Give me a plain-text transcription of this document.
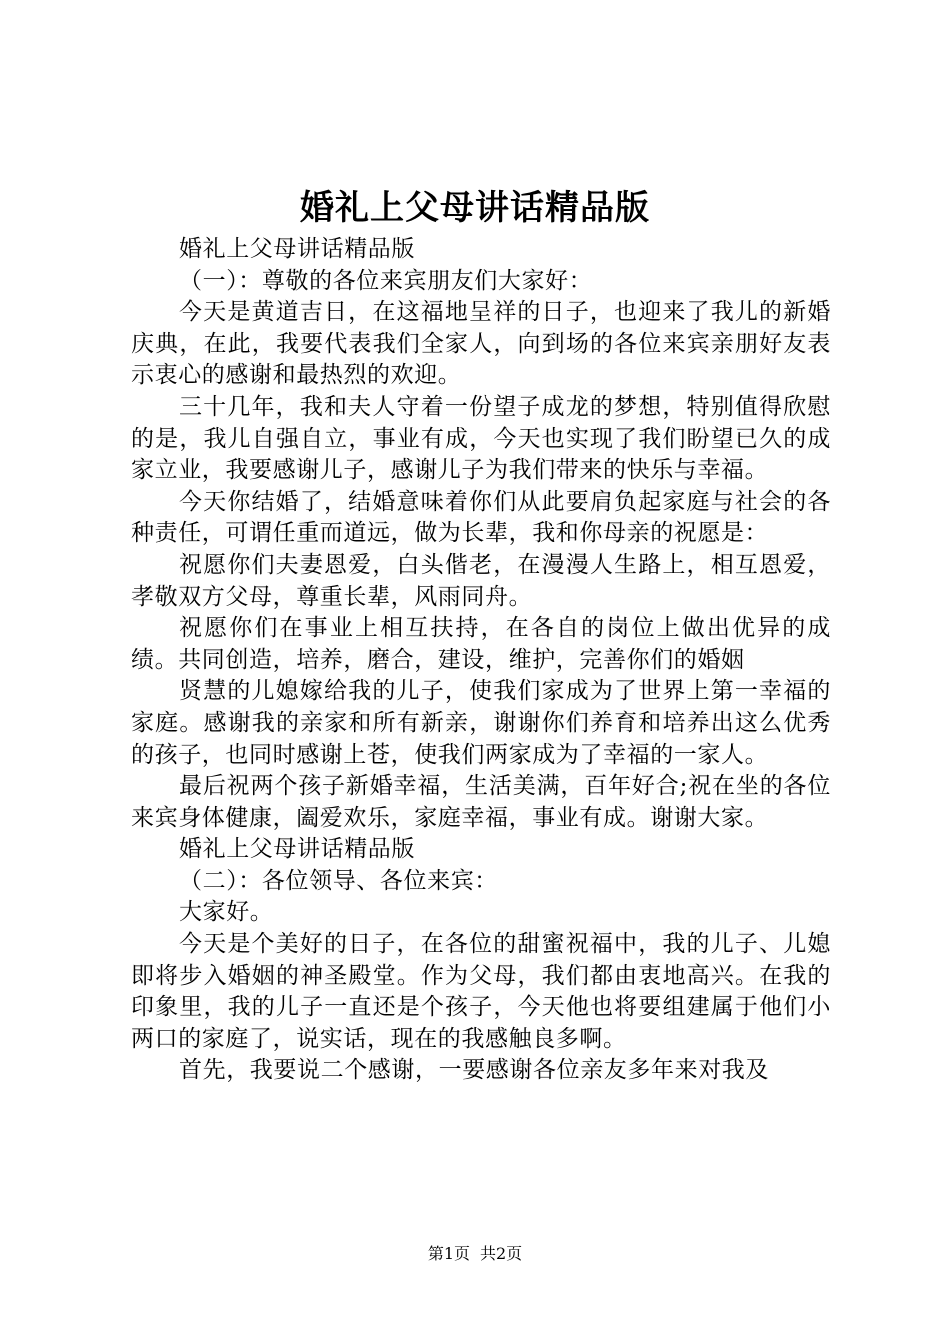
婚礼上父母讲话精品版

婚礼上父母讲话精品版

（一）：尊敬的各位来宾朋友们大家好：

今天是黄道吉日，在这福地呈祥的日子，也迎来了我儿的新婚庆典，在此，我要代表我们全家人，向到场的各位来宾亲朋好友表示衷心的感谢和最热烈的欢迎。

三十几年，我和夫人守着一份望子成龙的梦想，特别值得欣慰的是，我儿自强自立，事业有成，今天也实现了我们盼望已久的成家立业，我要感谢儿子，感谢儿子为我们带来的快乐与幸福。

今天你结婚了，结婚意味着你们从此要肩负起家庭与社会的各种责任，可谓任重而道远，做为长辈，我和你母亲的祝愿是：

祝愿你们夫妻恩爱，白头偕老，在漫漫人生路上，相互恩爱，孝敬双方父母，尊重长辈，风雨同舟。

祝愿你们在事业上相互扶持，在各自的岗位上做出优异的成绩。共同创造，培养，磨合，建设，维护，完善你们的婚姻

贤慧的儿媳嫁给我的儿子，使我们家成为了世界上第一幸福的家庭。感谢我的亲家和所有新亲，谢谢你们养育和培养出这么优秀的孩子，也同时感谢上苍，使我们两家成为了幸福的一家人。

最后祝两个孩子新婚幸福，生活美满，百年好合;祝在坐的各位来宾身体健康，阖爱欢乐，家庭幸福，事业有成。谢谢大家。

婚礼上父母讲话精品版

（二）：各位领导、各位来宾：

大家好。

今天是个美好的日子，在各位的甜蜜祝福中，我的儿子、儿媳即将步入婚姻的神圣殿堂。作为父母，我们都由衷地高兴。在我的印象里，我的儿子一直还是个孩子，今天他也将要组建属于他们小两口的家庭了，说实话，现在的我感触良多啊。

首先，我要说二个感谢，一要感谢各位亲友多年来对我及

第1页 共2页
